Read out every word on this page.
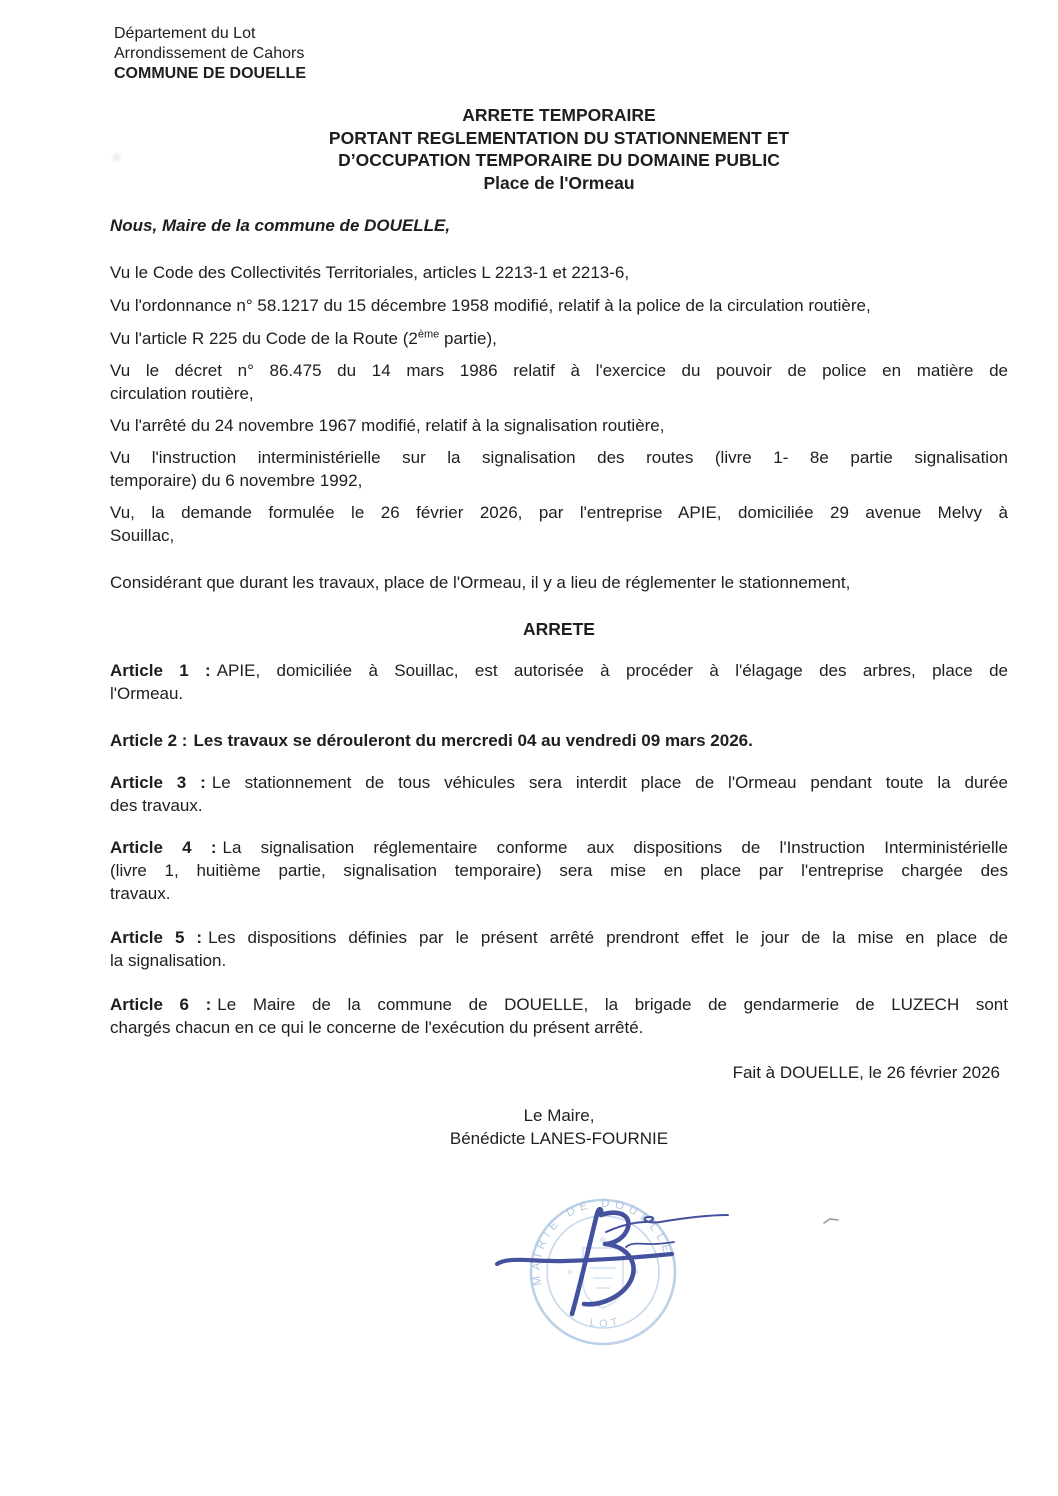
Département du Lot
Arrondissement de Cahors
COMMUNE DE DOUELLE
ARRETE TEMPORAIRE
PORTANT REGLEMENTATION DU STATIONNEMENT ET
D’OCCUPATION TEMPORAIRE DU DOMAINE PUBLIC
Place de l'Ormeau

Nous, Maire de la commune de DOUELLE,

Vu le Code des Collectivités Territoriales, articles L 2213-1 et 2213-6,

Vu l'ordonnance n° 58.1217 du 15 décembre 1958 modifié, relatif à la police de la circulation routière,

Vu l'article R 225 du Code de la Route (2ème partie),

Vu le décret n° 86.475 du 14 mars 1986 relatif à l'exercice du pouvoir de police en matière de
circulation routière,

Vu l'arrêté du 24 novembre 1967 modifié, relatif à la signalisation routière,

Vu l'instruction interministérielle sur la signalisation des routes (livre 1- 8e partie signalisation
temporaire) du 6 novembre 1992,
Vu, la demande formulée le 26 février 2026, par l'entreprise APIE, domiciliée 29 avenue Melvy à
Souillac,

Considérant que durant les travaux, place de l'Ormeau, il y a lieu de réglementer le stationnement,

ARRETE
Article 1 : APIE, domiciliée à Souillac, est autorisée à procéder à l'élagage des arbres, place de
l'Ormeau.
Article 2 : Les travaux se dérouleront du mercredi 04 au vendredi 09 mars 2026.
Article 3 : Le stationnement de tous véhicules sera interdit place de l'Ormeau pendant toute la durée
des travaux.
Article 4 : La signalisation réglementaire conforme aux dispositions de l'Instruction Interministérielle
(livre 1, huitième partie, signalisation temporaire) sera mise en place par l'entreprise chargée des
travaux.
Article 5 : Les dispositions définies par le présent arrêté prendront effet le jour de la mise en place de
la signalisation.
Article 6 : Le Maire de la commune de DOUELLE, la brigade de gendarmerie de LUZECH sont
chargés chacun en ce qui le concerne de l'exécution du présent arrêté.
Fait à DOUELLE, le 26 février 2026
Le Maire,
Bénédicte LANES-FOURNIE
MAIRIE DE DOUELLE
LOT
